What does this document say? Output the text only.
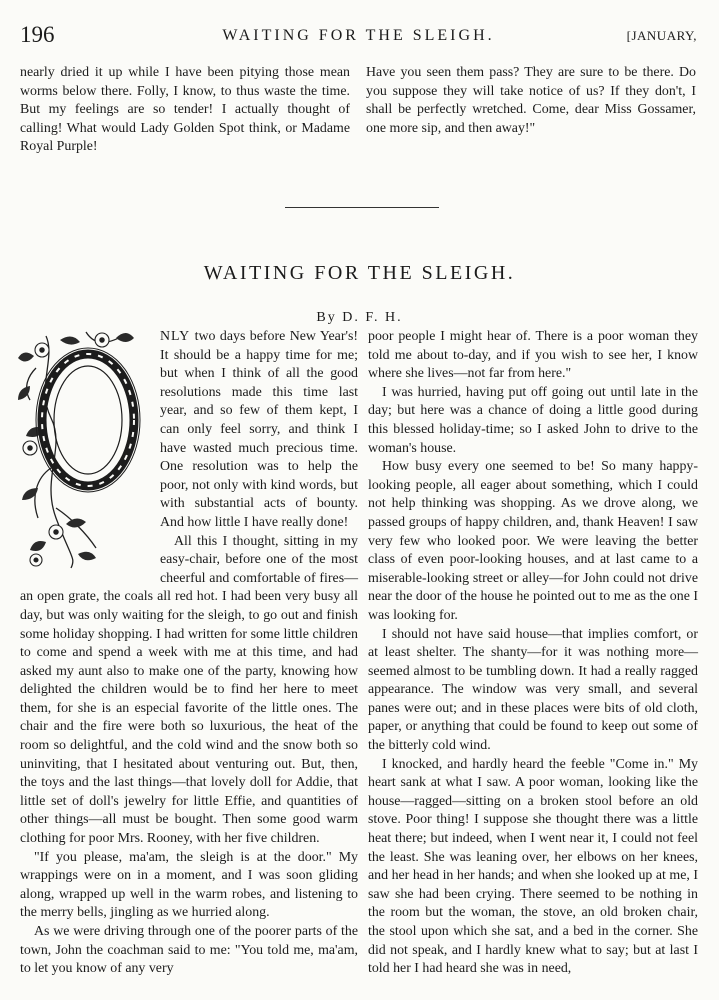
196	WAITING FOR THE SLEIGH.	[JANUARY,

nearly dried it up while I have been pitying those mean worms below there. Folly, I know, to thus waste the time. But my feelings are so tender! I actually thought of calling! What would Lady Golden Spot think, or Madame Royal Purple!

Have you seen them pass? They are sure to be there. Do you suppose they will take notice of us? If they don't, I shall be perfectly wretched. Come, dear Miss Gossamer, one more sip, and then away!"

WAITING FOR THE SLEIGH.
By D. F. H.

NLY two days before New Year's! It should be a happy time for me; but when I think of all the good resolutions made this time last year, and so few of them kept, I can only feel sorry, and think I have wasted much precious time. One resolution was to help the poor, not only with kind words, but with substantial acts of bounty. And how little I have really done!

All this I thought, sitting in my easy-chair, before one of the most cheerful and comfortable of fires—an open grate, the coals all red hot. I had been very busy all day, but was only waiting for the sleigh, to go out and finish some holiday shopping. I had written for some little children to come and spend a week with me at this time, and had asked my aunt also to make one of the party, knowing how delighted the children would be to find her here to meet them, for she is an especial favorite of the little ones. The chair and the fire were both so luxurious, the heat of the room so delightful, and the cold wind and the snow both so uninviting, that I hesitated about venturing out. But, then, the toys and the last things—that lovely doll for Addie, that little set of doll's jewelry for little Effie, and quantities of other things—all must be bought. Then some good warm clothing for poor Mrs. Rooney, with her five children.

"If you please, ma'am, the sleigh is at the door." My wrappings were on in a moment, and I was soon gliding along, wrapped up well in the warm robes, and listening to the merry bells, jingling as we hurried along.

As we were driving through one of the poorer parts of the town, John the coachman said to me: "You told me, ma'am, to let you know of any very

poor people I might hear of. There is a poor woman they told me about to-day, and if you wish to see her, I know where she lives—not far from here."

I was hurried, having put off going out until late in the day; but here was a chance of doing a little good during this blessed holiday-time; so I asked John to drive to the woman's house.

How busy every one seemed to be! So many happy-looking people, all eager about something, which I could not help thinking was shopping. As we drove along, we passed groups of happy children, and, thank Heaven! I saw very few who looked poor. We were leaving the better class of even poor-looking houses, and at last came to a miserable-looking street or alley—for John could not drive near the door of the house he pointed out to me as the one I was looking for.

I should not have said house—that implies comfort, or at least shelter. The shanty—for it was nothing more—seemed almost to be tumbling down. It had a really ragged appearance. The window was very small, and several panes were out; and in these places were bits of old cloth, paper, or anything that could be found to keep out some of the bitterly cold wind.

I knocked, and hardly heard the feeble "Come in." My heart sank at what I saw. A poor woman, looking like the house—ragged—sitting on a broken stool before an old stove. Poor thing! I suppose she thought there was a little heat there; but indeed, when I went near it, I could not feel the least. She was leaning over, her elbows on her knees, and her head in her hands; and when she looked up at me, I saw she had been crying. There seemed to be nothing in the room but the woman, the stove, an old broken chair, the stool upon which she sat, and a bed in the corner. She did not speak, and I hardly knew what to say; but at last I told her I had heard she was in need,
